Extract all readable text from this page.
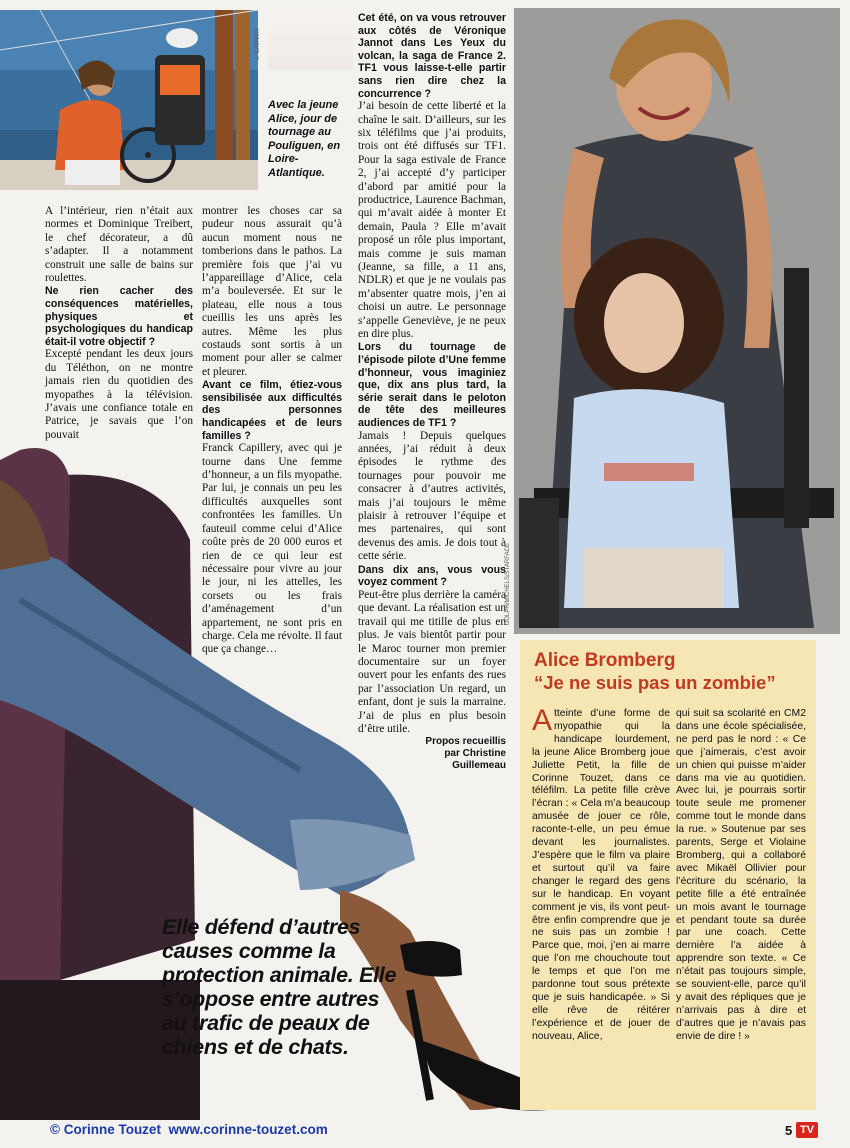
J. CAVANTI
Avec la jeune Alice, jour de tournage au Pouliguen, en Loire-Atlantique.

A l’intérieur, rien n’était aux normes et Dominique Treibert, le chef décorateur, a dû s’adapter. Il a notamment construit une salle de bains sur roulettes.

Ne rien cacher des conséquences matérielles, physiques et psychologiques du handicap était-il votre objectif ?

Excepté pendant les deux jours du Téléthon, on ne montre jamais rien du quotidien des myopathes à la télévision. J’avais une confiance totale en Patrice, je savais que l’on pouvait

montrer les choses car sa pudeur nous assurait qu’à aucun moment nous ne tomberions dans le pathos. La première fois que j’ai vu l’appareillage d’Alice, cela m’a bouleversée. Et sur le plateau, elle nous a tous cueillis les uns après les autres. Même les plus costauds sont sortis à un moment pour aller se calmer et pleurer.

Avant ce film, étiez-vous sensibilisée aux difficultés des personnes handicapées et de leurs familles ?

Franck Capillery, avec qui je tourne dans Une femme d’honneur, a un fils myopathe. Par lui, je connais un peu les difficultés auxquelles sont confrontées les familles. Un fauteuil comme celui d’Alice coûte près de 20 000 euros et rien de ce qui leur est nécessaire pour vivre au jour le jour, ni les attelles, les corsets ou les frais d’aménagement d’un appartement, ne sont pris en charge. Cela me révolte. Il faut que ça change…

Cet été, on va vous retrouver aux côtés de Véronique Jannot dans Les Yeux du volcan, la saga de France 2. TF1 vous laisse-t-elle partir sans rien dire chez la concurrence ?

J’ai besoin de cette liberté et la chaîne le sait. D’ailleurs, sur les six téléfilms que j’ai produits, trois ont été diffusés sur TF1. Pour la saga estivale de France 2, j’ai accepté d’y participer d’abord par amitié pour la productrice, Laurence Bachman, qui m’avait aidée à monter Et demain, Paula ? Elle m’avait proposé un rôle plus important, mais comme je suis maman (Jeanne, sa fille, a 11 ans, NDLR) et que je ne voulais pas m’absenter quatre mois, j’en ai choisi un autre. Le personnage s’appelle Geneviève, je ne peux en dire plus.

Lors du tournage de l’épisode pilote d’Une femme d’honneur, vous imaginiez que, dix ans plus tard, la série serait dans le peloton de tête des meilleures audiences de TF1 ?

Jamais ! Depuis quelques années, j’ai réduit à deux épisodes le rythme des tournages pour pouvoir me consacrer à d’autres activités, mais j’ai toujours le même plaisir à retrouver l’équipe et mes partenaires, qui sont devenus des amis. Je dois tout à cette série.

Dans dix ans, vous vous voyez comment ?

Peut-être plus derrière la caméra que devant. La réalisation est un travail qui me titille de plus en plus. Je vais bientôt partir pour le Maroc tourner mon premier documentaire sur un foyer ouvert pour les enfants des rues par l’association Un regard, un enfant, dont je suis la marraine. J’ai de plus en plus besoin d’être utile.

Propos recueillis par Christine Guillemeau
DOLPH/MICHELS/STARFACE
Elle défend d’autres causes comme la protection animale. Elle s’oppose entre autres au trafic de peaux de chiens et de chats.
Alice Bromberg
“Je ne suis pas un zombie”
A tteinte d’une forme de myopathie qui la handicape lourdement, la jeune Alice Bromberg joue Juliette Petit, la fille de Corinne Touzet, dans ce téléfilm. La petite fille crève l’écran : « Cela m’a beaucoup amusée de jouer ce rôle, raconte-t-elle, un peu émue devant les journalistes. J’espère que le film va plaire et surtout qu’il va faire changer le regard des gens sur le handicap. En voyant comment je vis, ils vont peut-être enfin comprendre que je ne suis pas un zombie ! Parce que, moi, j’en ai marre que l’on me chouchoute tout le temps et que l’on me pardonne tout sous prétexte que je suis handicapée. » Si elle rêve de réitérer l’expérience et de jouer de nouveau, Alice,
qui suit sa scolarité en CM2 dans une école spécialisée, ne perd pas le nord : « Ce que j’aimerais, c’est avoir un chien qui puisse m’aider dans ma vie au quotidien. Avec lui, je pourrais sortir toute seule me promener comme tout le monde dans la rue. » Soutenue par ses parents, Serge et Violaine Bromberg, qui a collaboré avec Mikaël Ollivier pour l’écriture du scénario, la petite fille a été entraînée un mois avant le tournage et pendant toute sa durée par une coach. Cette dernière l’a aidée à apprendre son texte. « Ce n’était pas toujours simple, se souvient-elle, parce qu’il y avait des répliques que je n’arrivais pas à dire et d’autres que je n’avais pas envie de dire ! »
© Corinne Touzet  www.corinne-touzet.com	5 TV
